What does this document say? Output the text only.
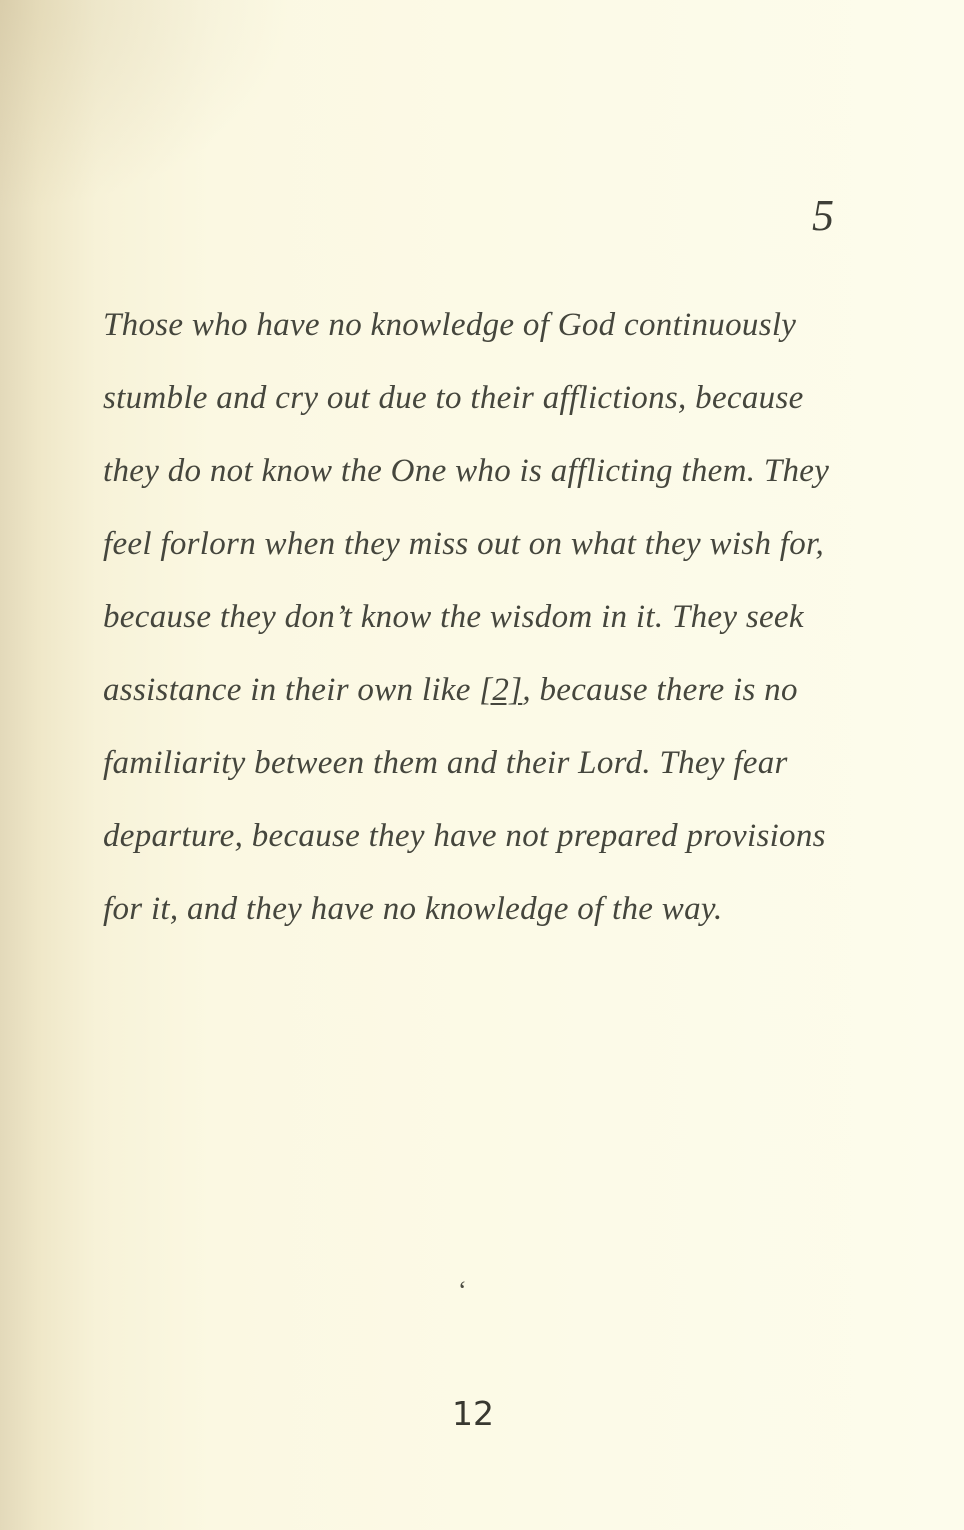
5
Those who have no knowledge of God continuously
stumble and cry out due to their afflictions, because
they do not know the One who is afflicting them. They
feel forlorn when they miss out on what they wish for,
because they don’t know the wisdom in it. They seek
assistance in their own like [2], because there is no
familiarity between them and their Lord. They fear
departure, because they have not prepared provisions
for it, and they have no knowledge of the way.
‘
12
